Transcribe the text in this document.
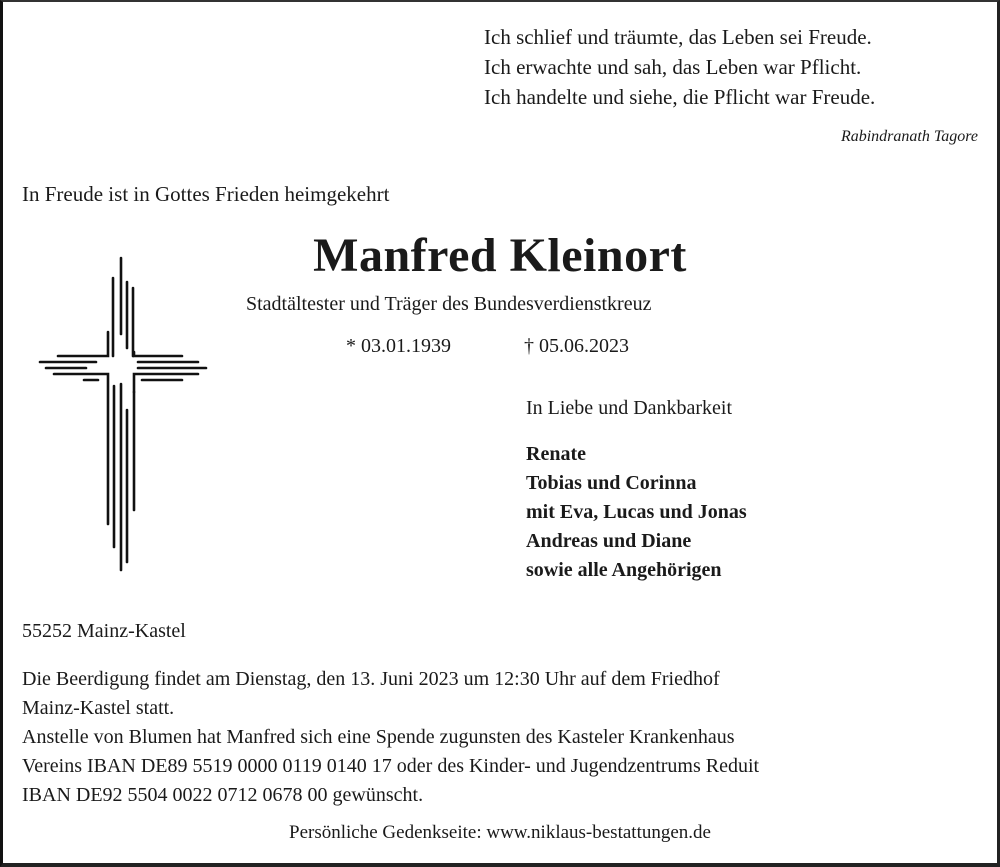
Ich schlief und träumte, das Leben sei Freude.
Ich erwachte und sah, das Leben war Pflicht.
Ich handelte und siehe, die Pflicht war Freude.
Rabindranath Tagore
In Freude ist in Gottes Frieden heimgekehrt
Manfred Kleinort
Stadtältester und Träger des Bundesverdienstkreuz
* 03.01.1939	† 05.06.2023
In Liebe und Dankbarkeit
Renate
Tobias und Corinna
mit Eva, Lucas und Jonas
Andreas und Diane
sowie alle Angehörigen
55252 Mainz-Kastel
Die Beerdigung findet am Dienstag, den 13. Juni 2023 um 12:30 Uhr auf dem Friedhof
Mainz-Kastel statt.
Anstelle von Blumen hat Manfred sich eine Spende zugunsten des Kasteler Krankenhaus
Vereins IBAN DE89 5519 0000 0119 0140 17 oder des Kinder- und Jugendzentrums Reduit
IBAN DE92 5504 0022 0712 0678 00 gewünscht.
Persönliche Gedenkseite: www.niklaus-bestattungen.de
